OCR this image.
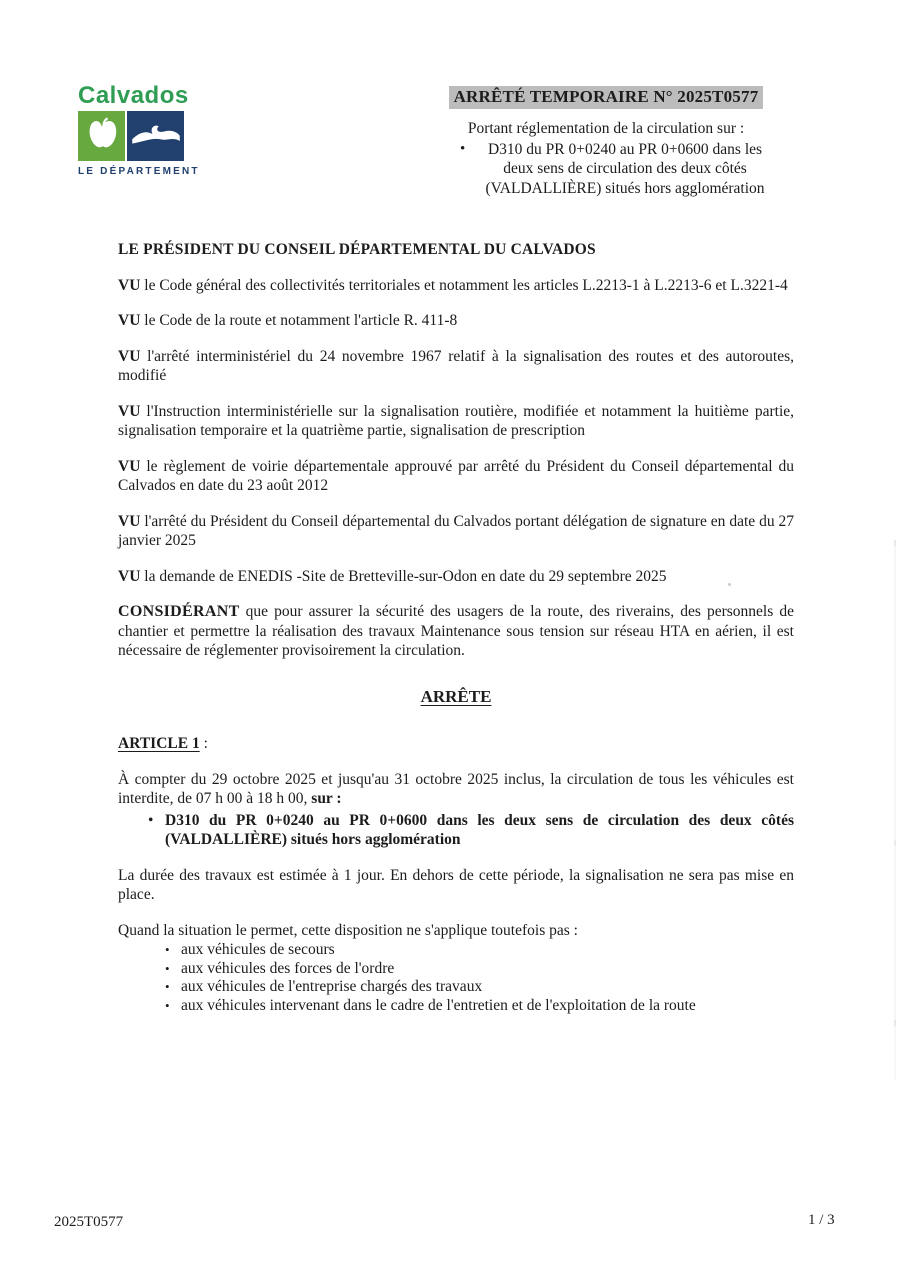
Calvados
LE DÉPARTEMENT
ARRÊTÉ TEMPORAIRE N° 2025T0577
Portant réglementation de la circulation sur :
•	D310 du PR 0+0240 au PR 0+0600 dans les deux sens de circulation des deux côtés (VALDALLIÈRE) situés hors agglomération

LE PRÉSIDENT DU CONSEIL DÉPARTEMENTAL DU CALVADOS

VU le Code général des collectivités territoriales et notamment les articles L.2213-1 à L.2213-6 et L.3221-4

VU le Code de la route et notamment l'article R. 411-8

VU l'arrêté interministériel du 24 novembre 1967 relatif à la signalisation des routes et des autoroutes, modifié

VU l'Instruction interministérielle sur la signalisation routière, modifiée et notamment la huitième partie, signalisation temporaire et la quatrième partie, signalisation de prescription

VU le règlement de voirie départementale approuvé par arrêté du Président du Conseil départemental du Calvados en date du 23 août 2012

VU l'arrêté du Président du Conseil départemental du Calvados portant délégation de signature en date du 27 janvier 2025

VU la demande de ENEDIS -Site de Bretteville-sur-Odon en date du 29 septembre 2025

CONSIDÉRANT que pour assurer la sécurité des usagers de la route, des riverains, des personnels de chantier et permettre la réalisation des travaux Maintenance sous tension sur réseau HTA en aérien, il est nécessaire de réglementer provisoirement la circulation.

ARRÊTE
ARTICLE 1 :

À compter du 29 octobre 2025 et jusqu'au 31 octobre 2025 inclus, la circulation de tous les véhicules est interdite, de 07 h 00 à 18 h 00, sur :

• D310 du PR 0+0240 au PR 0+0600 dans les deux sens de circulation des deux côtés (VALDALLIÈRE) situés hors agglomération

La durée des travaux est estimée à 1 jour. En dehors de cette période, la signalisation ne sera pas mise en place.

Quand la situation le permet, cette disposition ne s'applique toutefois pas :

• aux véhicules de secours
• aux véhicules des forces de l'ordre
• aux véhicules de l'entreprise chargés des travaux
• aux véhicules intervenant dans le cadre de l'entretien et de l'exploitation de la route
2025T0577	1 / 3
